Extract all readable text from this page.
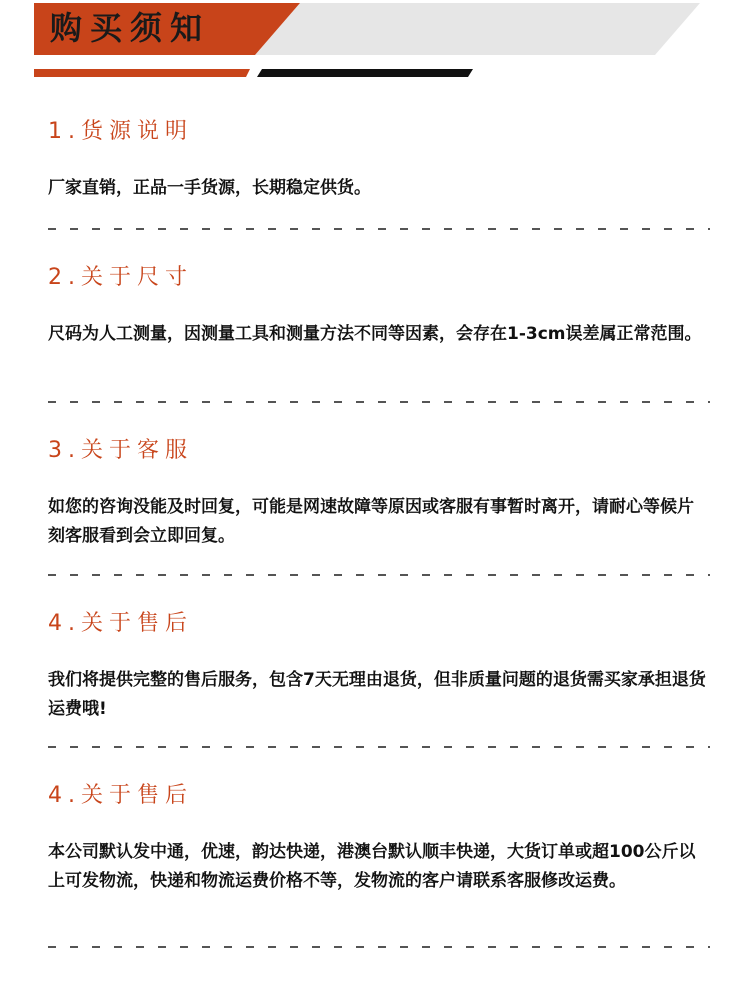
购买须知
1.货源说明
厂家直销，正品一手货源，长期稳定供货。
2.关于尺寸
尺码为人工测量，因测量工具和测量方法不同等因素，会存在1-3cm误差属正常范围。
3.关于客服
如您的咨询没能及时回复，可能是网速故障等原因或客服有事暂时离开，请耐心等候片刻客服看到会立即回复。
4.关于售后
我们将提供完整的售后服务，包含7天无理由退货，但非质量问题的退货需买家承担退货运费哦!
4.关于售后
本公司默认发中通，优速，韵达快递，港澳台默认顺丰快递，大货订单或超100公斤以上可发物流，快递和物流运费价格不等，发物流的客户请联系客服修改运费。
